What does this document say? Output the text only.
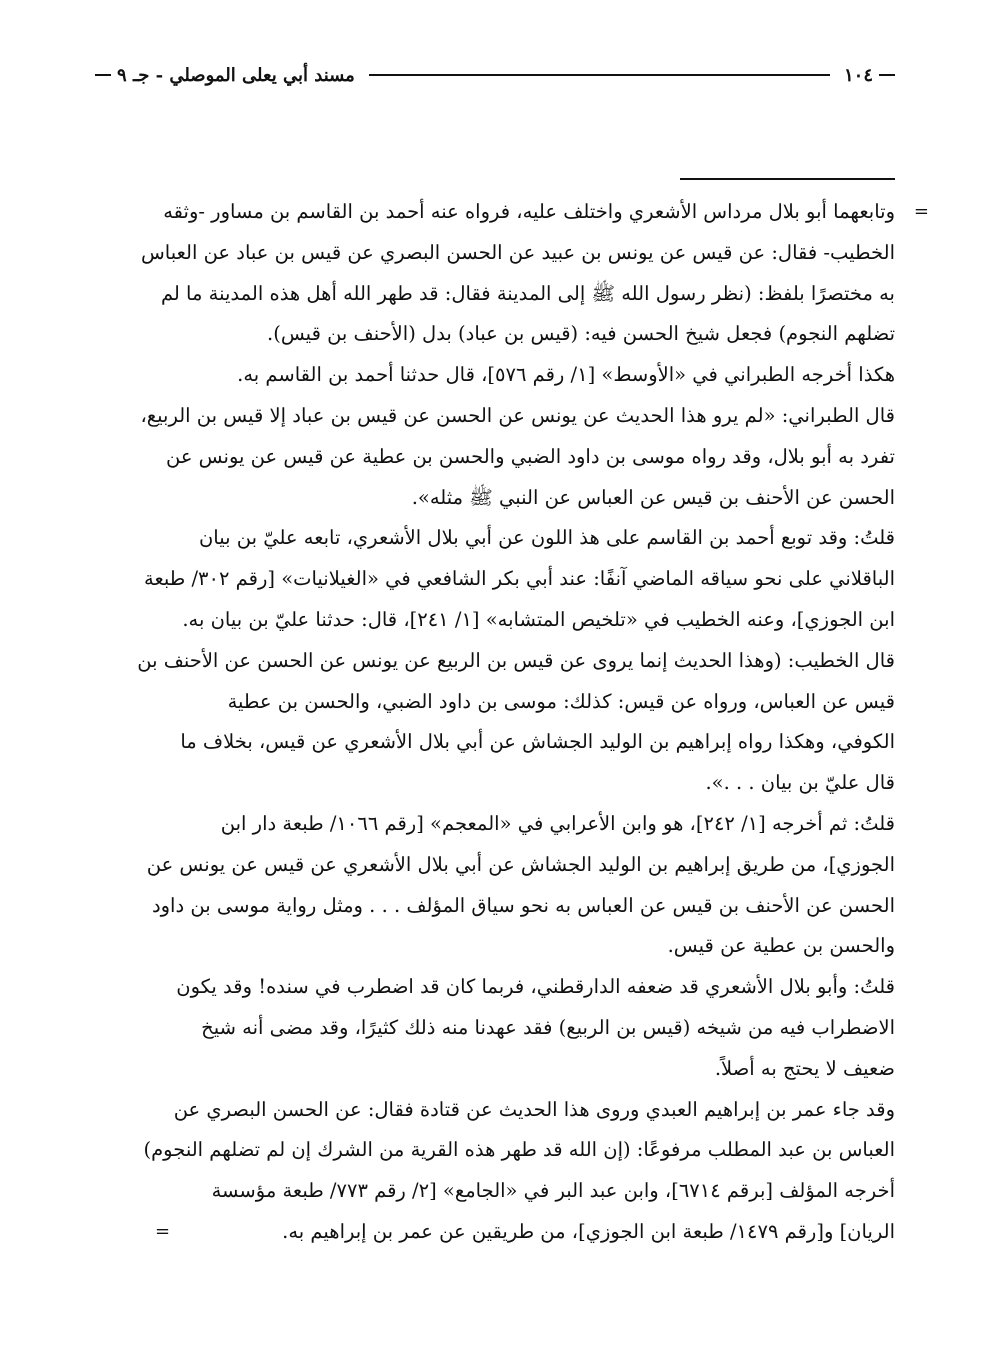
١٠٤
مسند أبي يعلى الموصلي - جـ ٩
=
وتابعهما أبو بلال مرداس الأشعري واختلف عليه، فرواه عنه أحمد بن القاسم بن مساور -وثقه
الخطيب- فقال: عن قيس عن يونس بن عبيد عن الحسن البصري عن قيس بن عباد عن العباس
به مختصرًا بلفظ: (نظر رسول الله ﷺ إلى المدينة فقال: قد طهر الله أهل هذه المدينة ما لم
تضلهم النجوم) فجعل شيخ الحسن فيه: (قيس بن عباد) بدل (الأحنف بن قيس).
هكذا أخرجه الطبراني في «الأوسط» [١/ رقم ٥٧٦]، قال حدثنا أحمد بن القاسم به.
قال الطبراني: «لم يرو هذا الحديث عن يونس عن الحسن عن قيس بن عباد إلا قيس بن الربيع،
تفرد به أبو بلال، وقد رواه موسى بن داود الضبي والحسن بن عطية عن قيس عن يونس عن
الحسن عن الأحنف بن قيس عن العباس عن النبي ﷺ مثله».
قلتُ: وقد توبع أحمد بن القاسم على هذ اللون عن أبي بلال الأشعري، تابعه عليّ بن بيان
الباقلاني على نحو سياقه الماضي آنفًا: عند أبي بكر الشافعي في «الغيلانيات» [رقم ٣٠٢/ طبعة
ابن الجوزي]، وعنه الخطيب في «تلخيص المتشابه» [١/ ٢٤١]، قال: حدثنا عليّ بن بيان به.
قال الخطيب: (وهذا الحديث إنما يروى عن قيس بن الربيع عن يونس عن الحسن عن الأحنف بن
قيس عن العباس، ورواه عن قيس: كذلك: موسى بن داود الضبي، والحسن بن عطية
الكوفي، وهكذا رواه إبراهيم بن الوليد الجشاش عن أبي بلال الأشعري عن قيس، بخلاف ما
قال عليّ بن بيان . . .».
قلتُ: ثم أخرجه [١/ ٢٤٢]، هو وابن الأعرابي في «المعجم» [رقم ١٠٦٦/ طبعة دار ابن
الجوزي]، من طريق إبراهيم بن الوليد الجشاش عن أبي بلال الأشعري عن قيس عن يونس عن
الحسن عن الأحنف بن قيس عن العباس به نحو سياق المؤلف . . . ومثل رواية موسى بن داود
والحسن بن عطية عن قيس.
قلتُ: وأبو بلال الأشعري قد ضعفه الدارقطني، فربما كان قد اضطرب في سنده! وقد يكون
الاضطراب فيه من شيخه (قيس بن الربيع) فقد عهدنا منه ذلك كثيرًا، وقد مضى أنه شيخ
ضعيف لا يحتج به أصلاً.
وقد جاء عمر بن إبراهيم العبدي وروى هذا الحديث عن قتادة فقال: عن الحسن البصري عن
العباس بن عبد المطلب مرفوعًا: (إن الله قد طهر هذه القرية من الشرك إن لم تضلهم النجوم)
أخرجه المؤلف [برقم ٦٧١٤]، وابن عبد البر في «الجامع» [٢/ رقم ٧٧٣/ طبعة مؤسسة
الريان] و[رقم ١٤٧٩/ طبعة ابن الجوزي]، من طريقين عن عمر بن إبراهيم به.
=
